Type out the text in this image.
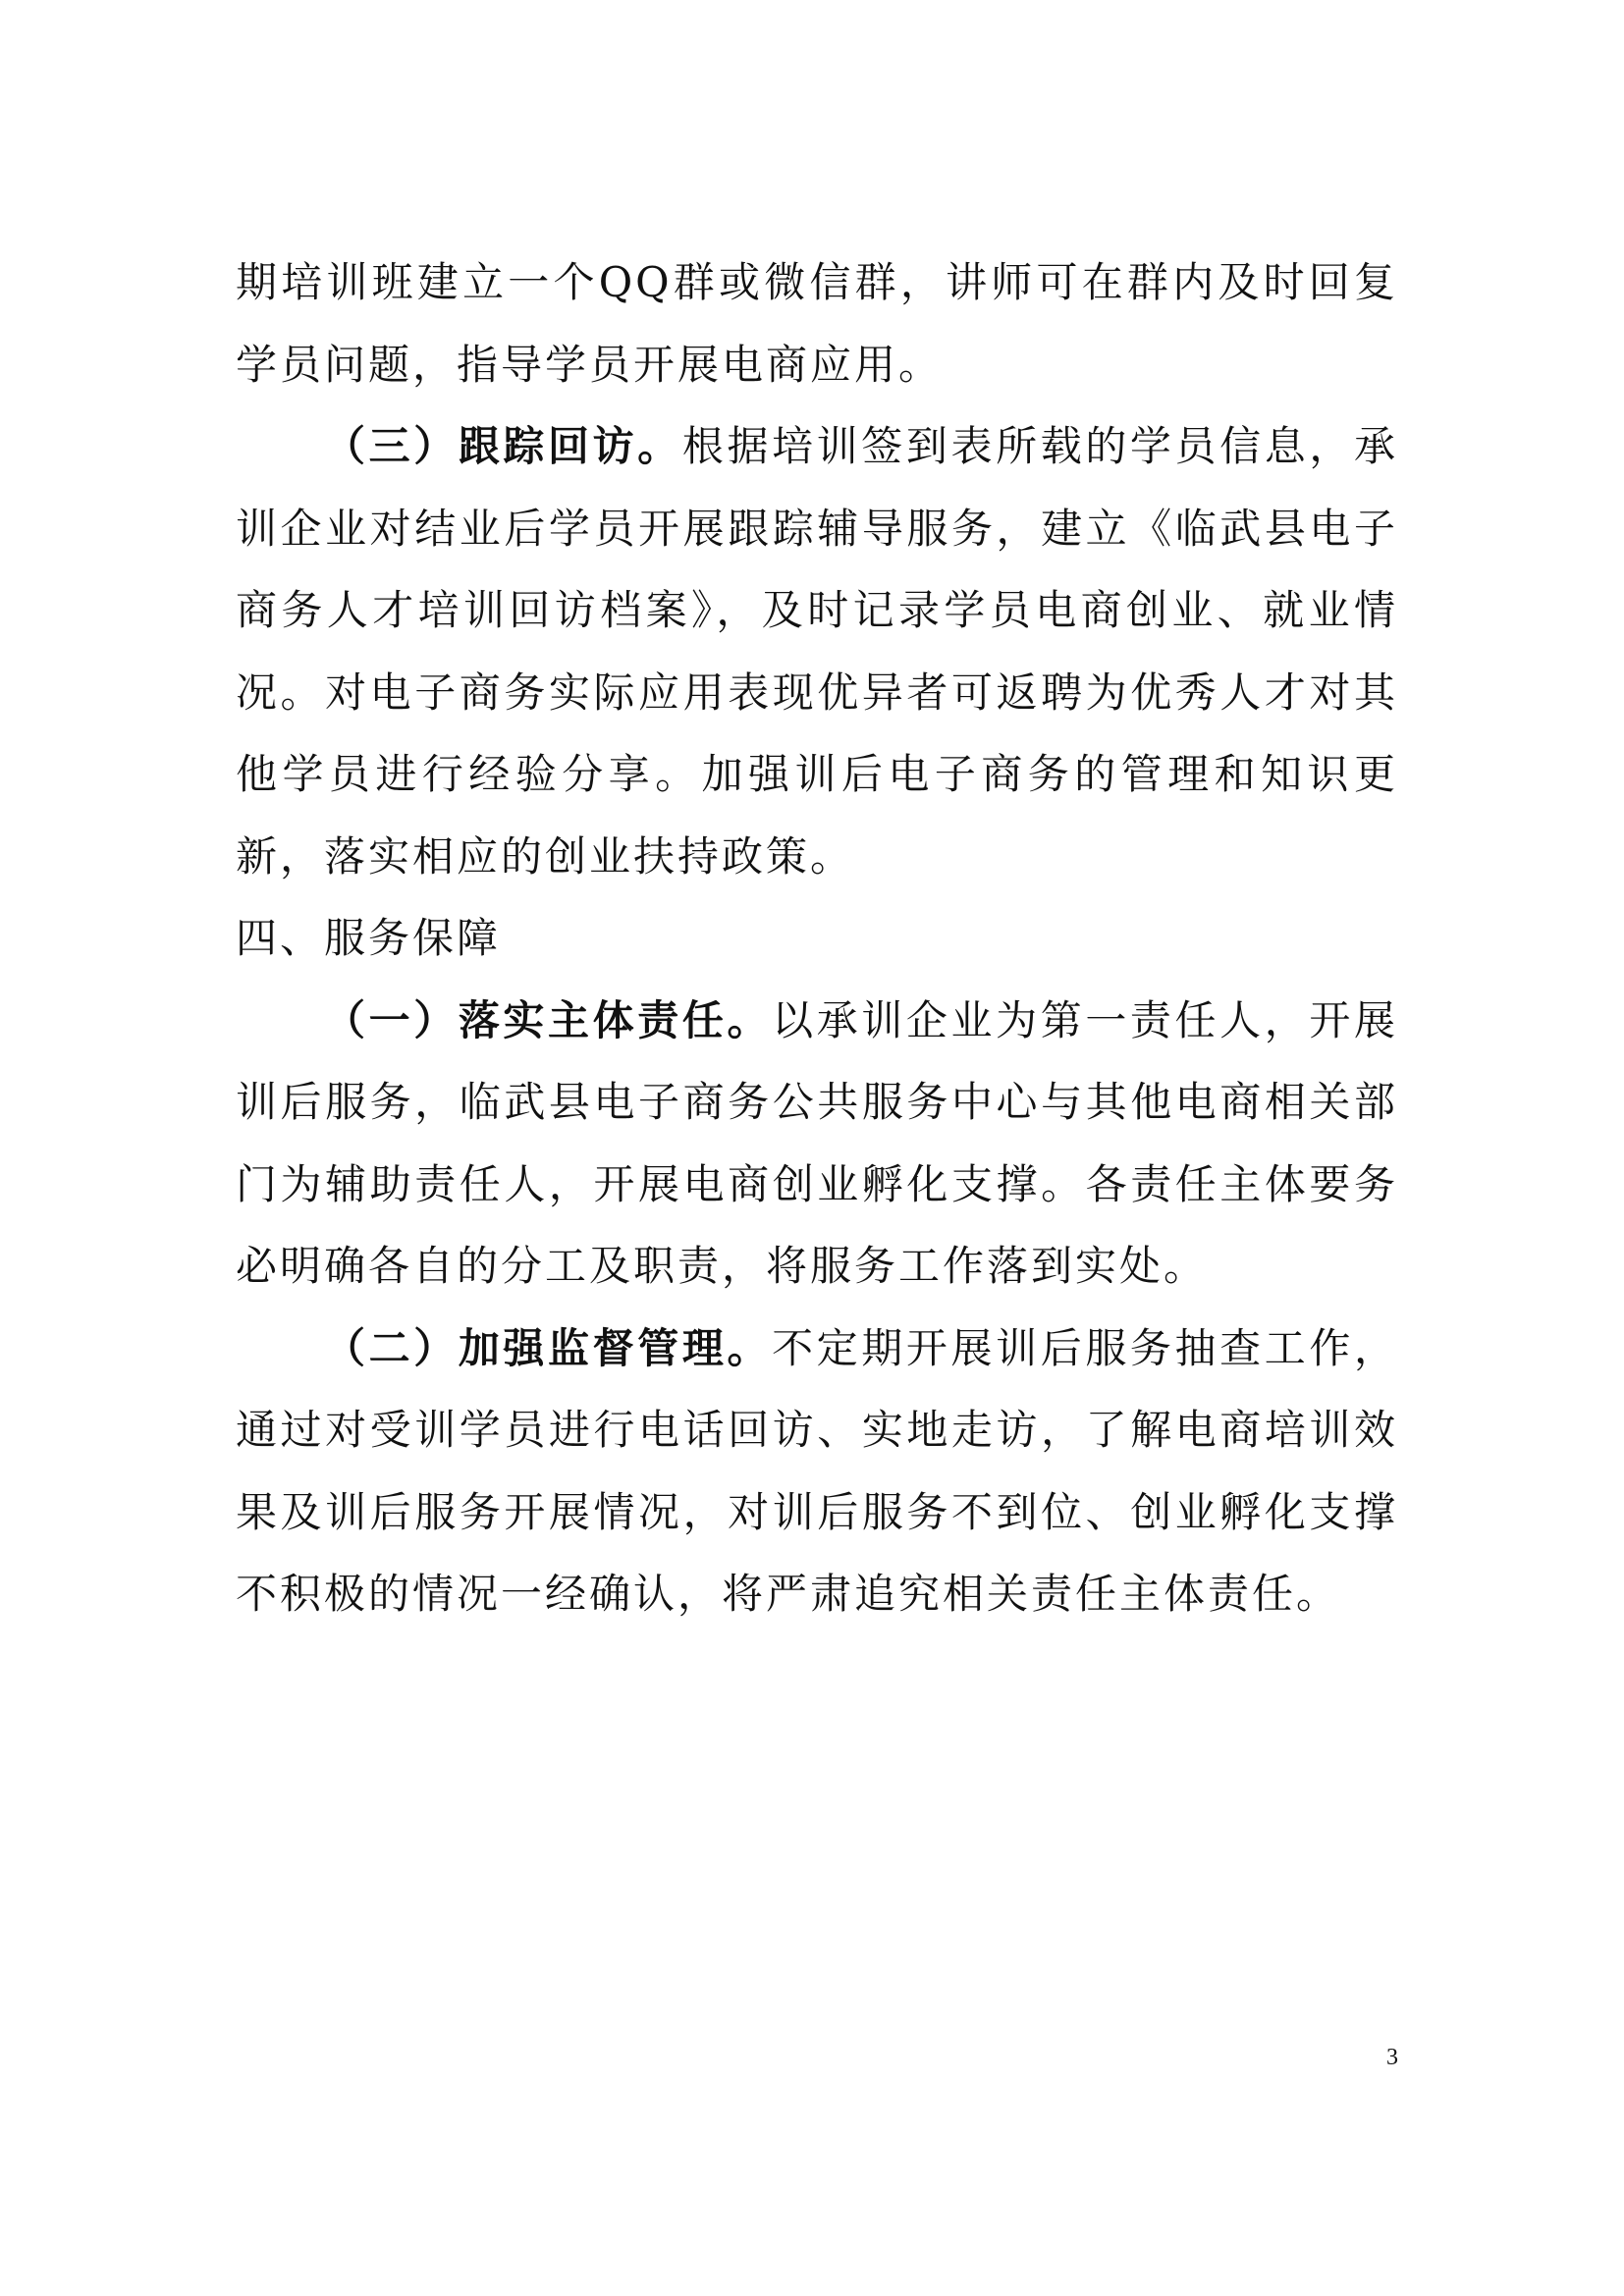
期培训班建立一个QQ群或微信群，讲师可在群内及时回复学员问题，指导学员开展电商应用。

（三）跟踪回访。根据培训签到表所载的学员信息，承训企业对结业后学员开展跟踪辅导服务，建立《临武县电子商务人才培训回访档案》，及时记录学员电商创业、就业情况。对电子商务实际应用表现优异者可返聘为优秀人才对其他学员进行经验分享。加强训后电子商务的管理和知识更新，落实相应的创业扶持政策。

四、服务保障

（一）落实主体责任。以承训企业为第一责任人，开展训后服务，临武县电子商务公共服务中心与其他电商相关部门为辅助责任人，开展电商创业孵化支撑。各责任主体要务必明确各自的分工及职责，将服务工作落到实处。

（二）加强监督管理。不定期开展训后服务抽查工作，通过对受训学员进行电话回访、实地走访，了解电商培训效果及训后服务开展情况，对训后服务不到位、创业孵化支撑不积极的情况一经确认，将严肃追究相关责任主体责任。

3
